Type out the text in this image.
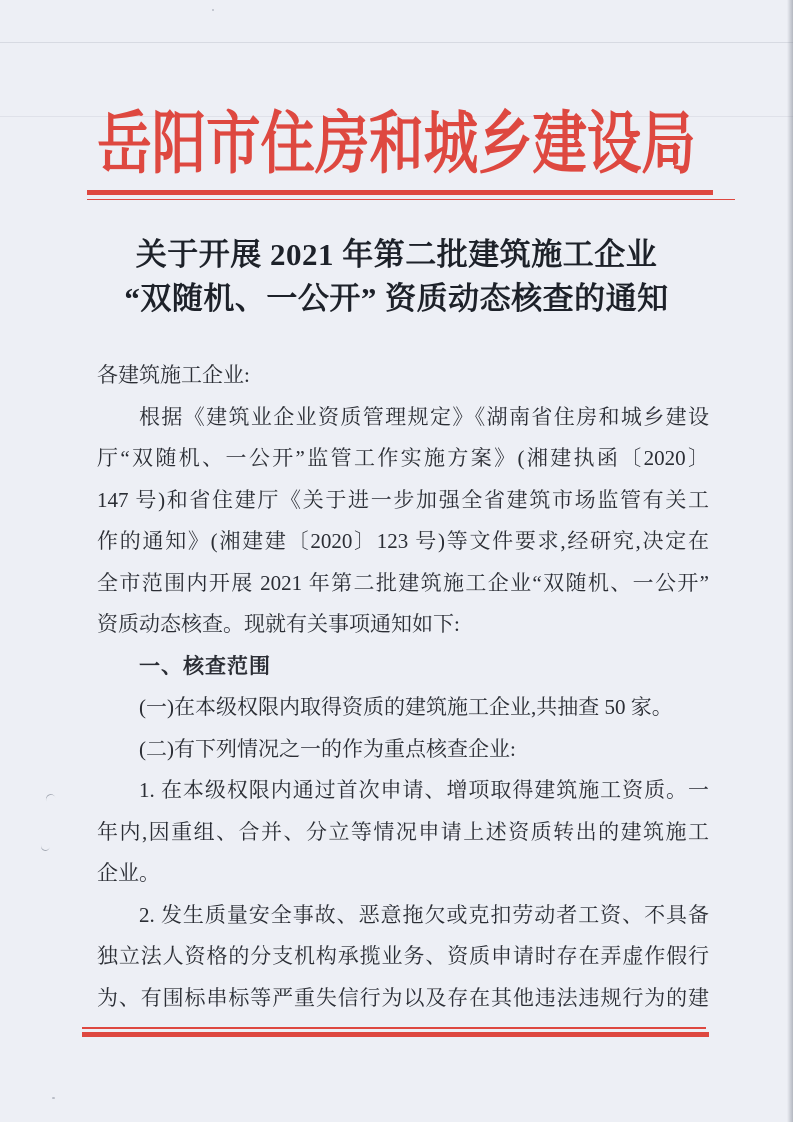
岳阳市住房和城乡建设局
关于开展 2021 年第二批建筑施工企业
“双随机、一公开” 资质动态核查的通知
各建筑施工企业:
根据《建筑业企业资质管理规定》《湖南省住房和城乡建设
厅“双随机、一公开”监管工作实施方案》(湘建执函〔2020〕
147 号)和省住建厅《关于进一步加强全省建筑市场监管有关工
作的通知》(湘建建〔2020〕123 号)等文件要求,经研究,决定在
全市范围内开展 2021 年第二批建筑施工企业“双随机、一公开”
资质动态核查。现就有关事项通知如下:
一、核查范围
(一)在本级权限内取得资质的建筑施工企业,共抽查 50 家。
(二)有下列情况之一的作为重点核查企业:
1. 在本级权限内通过首次申请、增项取得建筑施工资质。一
年内,因重组、合并、分立等情况申请上述资质转出的建筑施工
企业。
2. 发生质量安全事故、恶意拖欠或克扣劳动者工资、不具备
独立法人资格的分支机构承揽业务、资质申请时存在弄虚作假行
为、有围标串标等严重失信行为以及存在其他违法违规行为的建
